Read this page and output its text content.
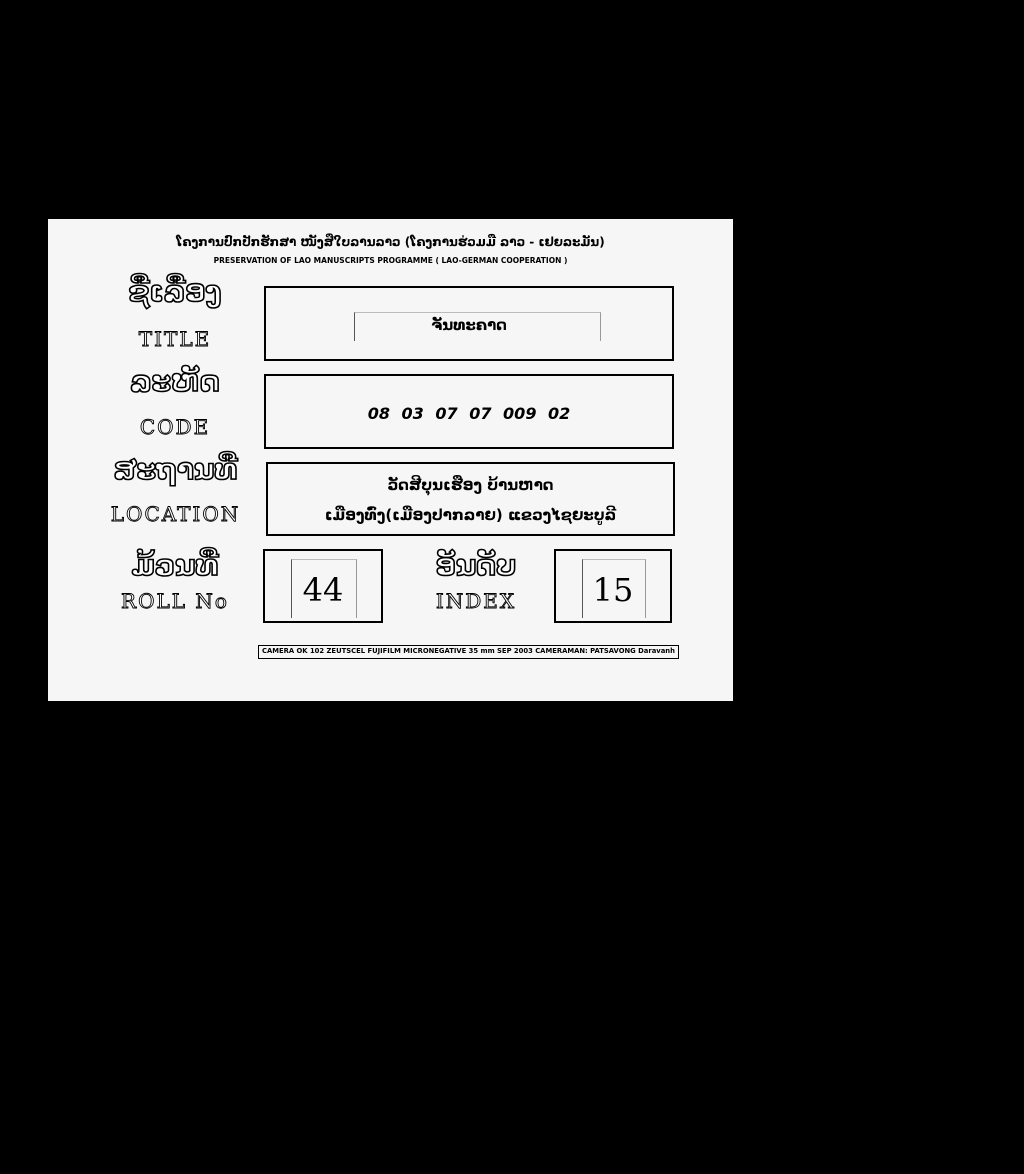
ໂຄງການປົກປັກຮັກສາ ໜັງສືໃບລານລາວ (ໂຄງການຮ່ວມມື ລາວ - ເຢຍລະມັນ)
PRESERVATION OF LAO MANUSCRIPTS PROGRAMME ( LAO-GERMAN COOPERATION )
ຊື່ເລື່ອງ
TITLE
ຈັນທະຄາດ
ລະຫັດ
CODE
08 03 07 07 009 02
ສະຖານທີ່
LOCATION
ວັດສີບຸນເຮືອງ ບ້ານຫາດ
ເມືອງທົ່ງ(ເມືອງປາກລາຍ) ແຂວງໄຊຍະບູລີ
ມ້ວນທີ່
ROLL No	44
ອັນດັບ
INDEX	15
CAMERA OK 102 ZEUTSCEL FUJIFILM MICRONEGATIVE 35 mm SEP 2003 CAMERAMAN: PATSAVONG Daravanh
